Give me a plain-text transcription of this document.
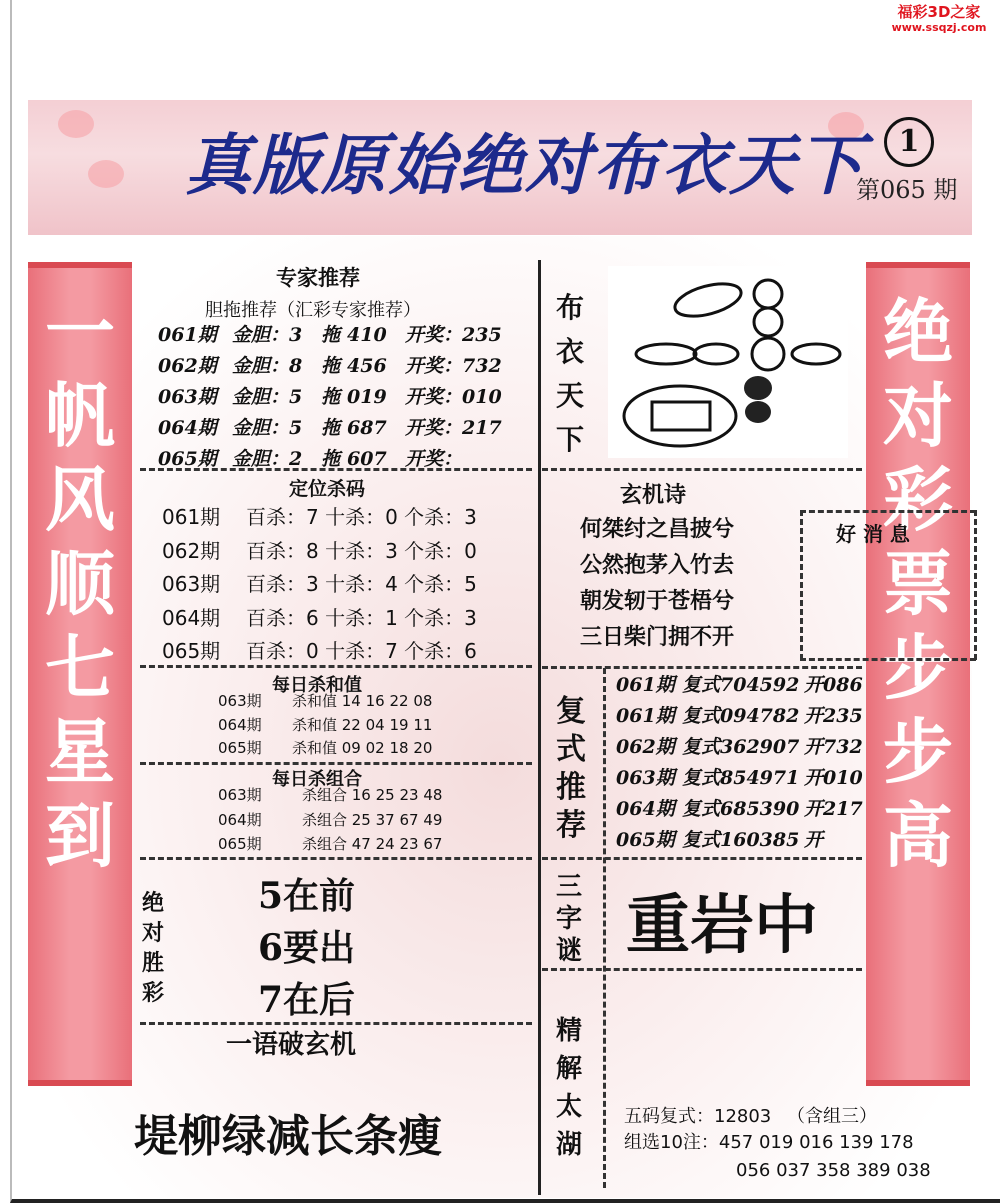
福彩3D之家
www.ssqzj.com
真版原始绝对布衣天下	1
第065 期
一
帆
风
顺
七
星
到
绝
对
彩
票
步
步
高
专家推荐
胆拖推荐（汇彩专家推荐）
061期 金胆：3 拖 410 开奖：235
062期 金胆：8 拖 456 开奖：732
063期 金胆：5 拖 019 开奖：010
064期 金胆：5 拖 687 开奖：217
065期 金胆：2 拖 607 开奖：
定位杀码
061期 百杀：7 十杀：0 个杀：3
062期 百杀：8 十杀：3 个杀：0
063期 百杀：3 十杀：4 个杀：5
064期 百杀：6 十杀：1 个杀：3
065期 百杀：0 十杀：7 个杀：6
每日杀和值
063期 杀和值 14 16 22 08
064期 杀和值 22 04 19 11
065期 杀和值 09 02 18 20
每日杀组合
063期	杀组合 16 25 23 48
064期	杀组合 25 37 67 49
065期	杀组合 47 24 23 67
绝
对
胜
彩
5在前
6要出
7在后
一语破玄机
堤柳绿减长条瘦
布
衣
天
下
玄机诗
何桀纣之昌披兮
公然抱茅入竹去
朝发轫于苍梧兮
三日柴门拥不开
好 消 息
复
式
推
荐
061期 复式704592 开086
061期 复式094782 开235
062期 复式362907 开732
063期 复式854971 开010
064期 复式685390 开217
065期 复式160385 开
三
字
谜 重岩中
精
解
太
湖
五码复式：12803 （含组三）
组选10注：457 019 016 139 178
056 037 358 389 038
